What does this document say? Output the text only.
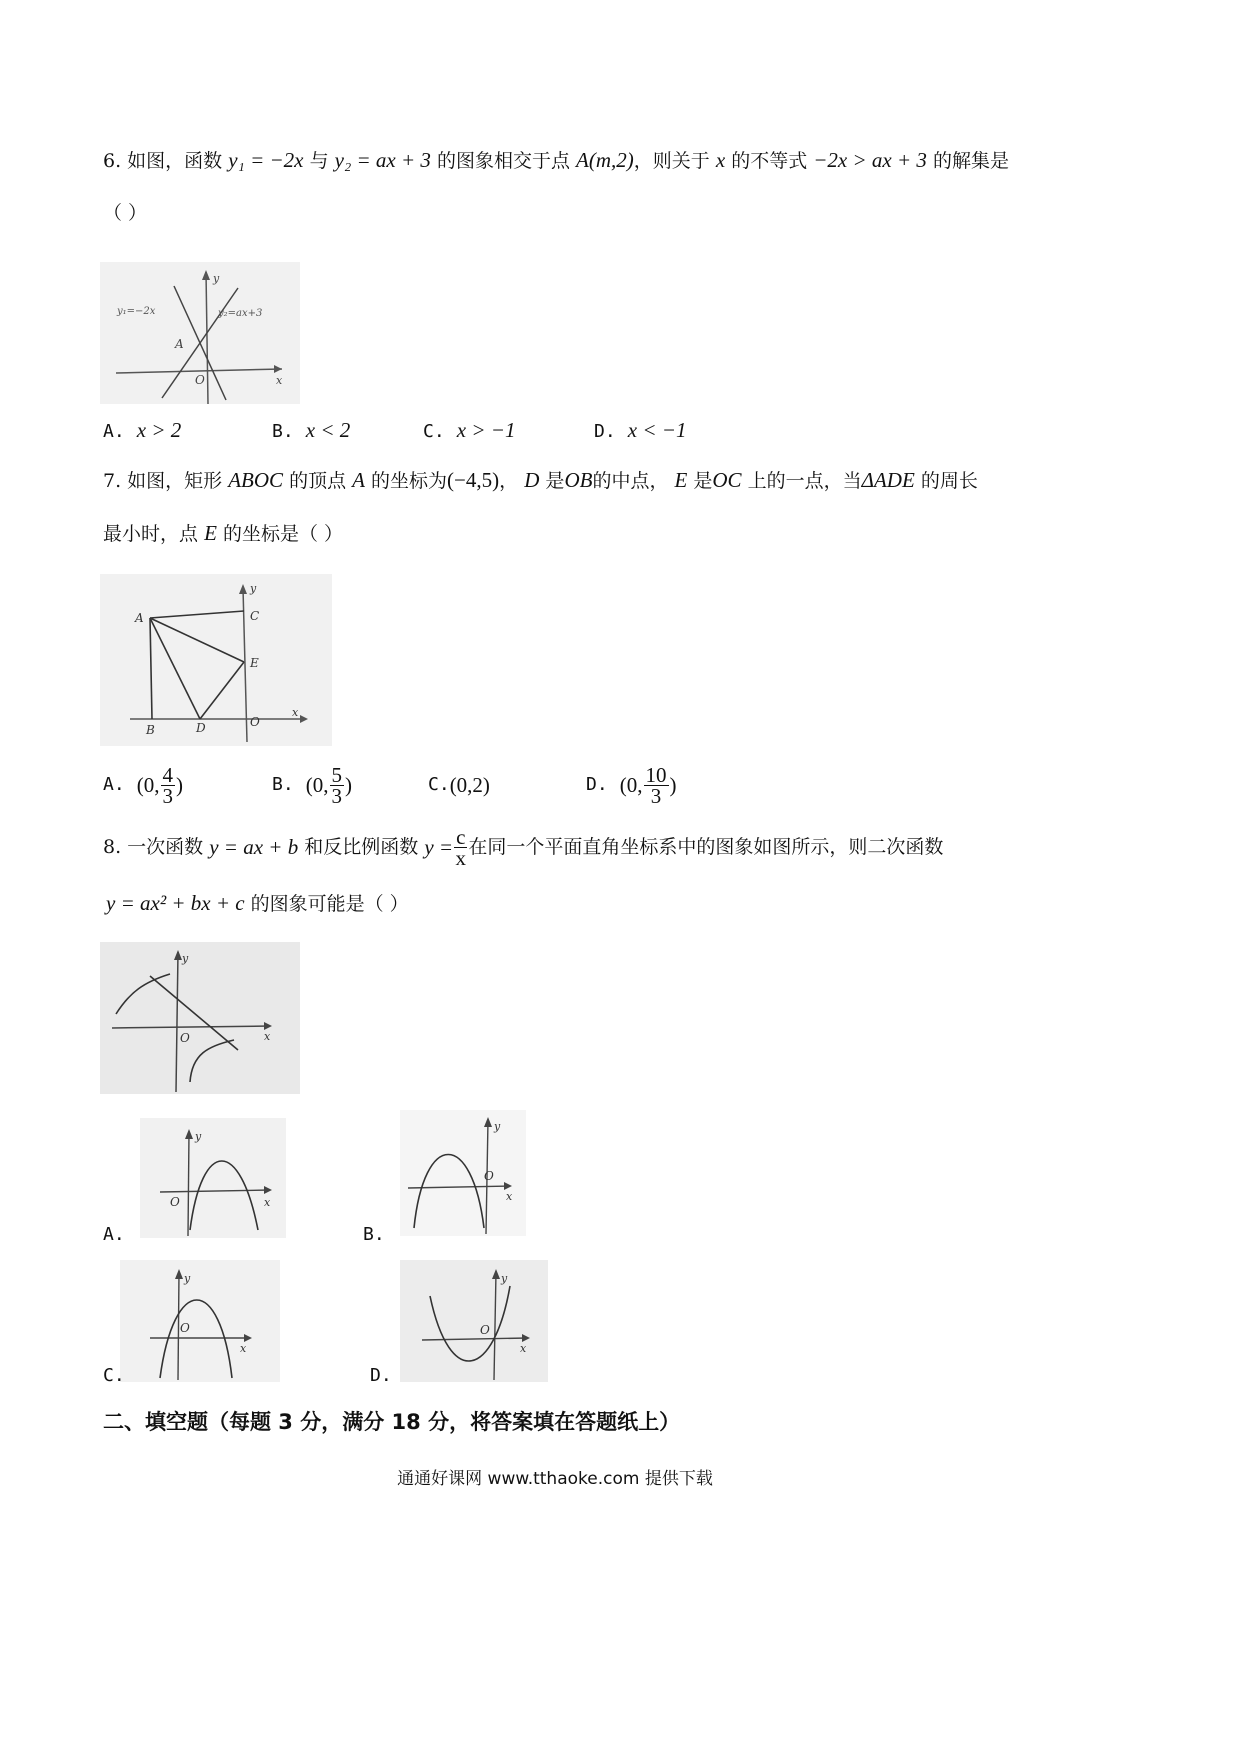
6. 如图，函数 y₁ = −2x 与 y₂ = ax + 3 的图象相交于点 A(m,2)，则关于 x 的不等式 −2x > ax + 3 的解集是
（ ）
y
x
O
A
y₁=−2x	y₂=ax+3
A. x > 2	B. x < 2	C. x > −1	D. x < −1
7. 如图，矩形 ABOC 的顶点 A 的坐标为(−4,5)， D 是OB的中点， E 是OC 上的一点，当ΔADE 的周长
最小时，点 E 的坐标是（ ）
A
B
C
D
E
O
y
x
A.
(0, $\frac{4}{3}$ )	B.
(0, $\frac{5}{3}$ )	C. (0,2)	D.
(0, $\frac{10}{3}$ )
8. 一次函数
y = ax + b
和反比例函数
$y = \frac{c}{x}$ 在同一个平面直角坐标系中的图象如图所示，则二次函数
y = ax² + bx + c 的图象可能是（ ）
y
x
O
y
O	x
A.
y
O
x
B.
y
O
x
C.
y
O
x
D.
二、填空题（每题 3 分，满分 18 分，将答案填在答题纸上）
通通好课网 www.tthaoke.com 提供下载
